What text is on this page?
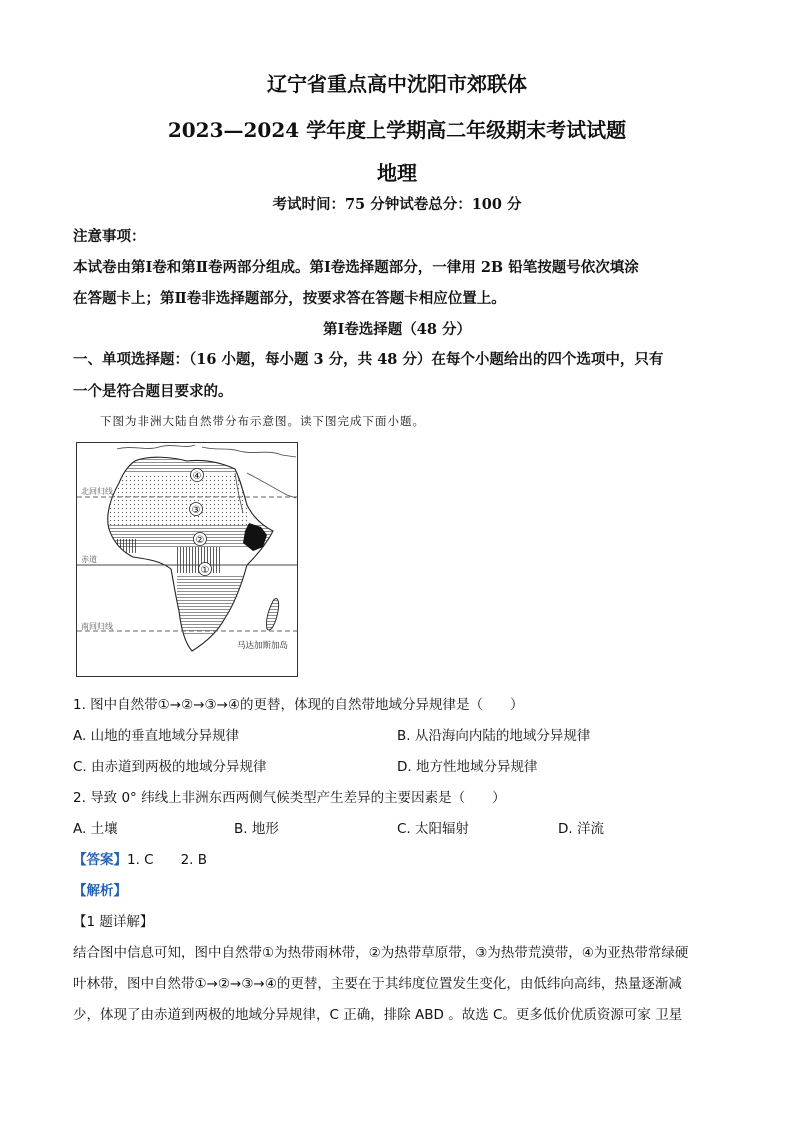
辽宁省重点高中沈阳市郊联体
2023—2024 学年度上学期高二年级期末考试试题
地理
考试时间：75 分钟试卷总分：100 分
注意事项：
本试卷由第Ⅰ卷和第Ⅱ卷两部分组成。第Ⅰ卷选择题部分，一律用 2B 铅笔按题号依次填涂
在答题卡上；第Ⅱ卷非选择题部分，按要求答在答题卡相应位置上。
第Ⅰ卷选择题（48 分）
一、单项选择题：（16 小题，每小题 3 分，共 48 分）在每个小题给出的四个选项中，只有
一个是符合题目要求的。
下图为非洲大陆自然带分布示意图。读下图完成下面小题。
④
③
②
①
北回归线
赤道
南回归线
马达加斯加岛
1. 图中自然带①→②→③→④的更替，体现的自然带地域分异规律是（　　）
A. 山地的垂直地域分异规律	B. 从沿海向内陆的地域分异规律
C. 由赤道到两极的地域分异规律	D. 地方性地域分异规律
2. 导致 0° 纬线上非洲东西两侧气候类型产生差异的主要因素是（　　）
A. 土壤	B. 地形	C. 太阳辐射	D. 洋流
【答案】1. C　　2. B
【解析】
【1 题详解】
结合图中信息可知，图中自然带①为热带雨林带，②为热带草原带，③为热带荒漠带，④为亚热带常绿硬
叶林带，图中自然带①→②→③→④的更替，主要在于其纬度位置发生变化，由低纬向高纬，热量逐渐减
少，体现了由赤道到两极的地域分异规律，C 正确，排除 ABD 。故选 C。更多低价优质资源可家 卫星
